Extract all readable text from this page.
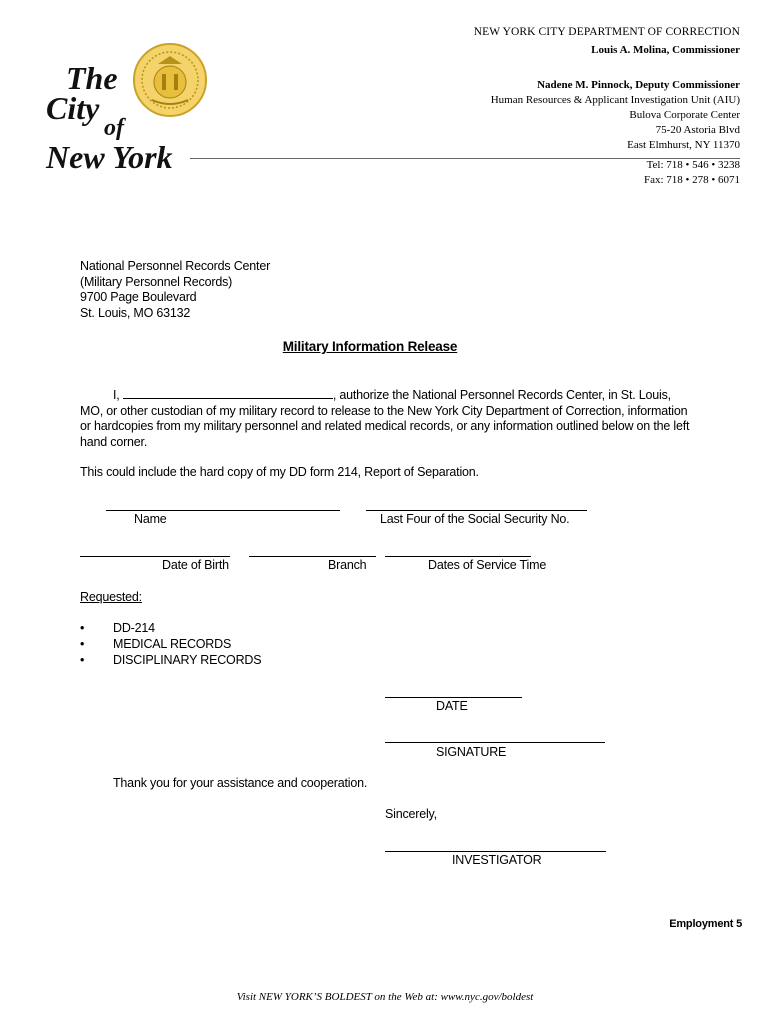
The
City
of
New York
NEW YORK CITY DEPARTMENT OF CORRECTION
Louis A. Molina, Commissioner
Nadene M. Pinnock, Deputy Commissioner
Human Resources & Applicant Investigation Unit (AIU)
Bulova Corporate Center
75-20 Astoria Blvd
East Elmhurst, NY 11370
Tel: 718 • 546 • 3238
Fax: 718 • 278 • 6071
National Personnel Records Center
(Military Personnel Records)
9700 Page Boulevard
St. Louis, MO 63132
Military Information Release
I,	, authorize the National Personnel Records Center, in St. Louis,
MO, or other custodian of my military record to release to the New York City Department of Correction, information
or hardcopies from my military personnel and related medical records, or any information outlined below on the left
hand corner.
This could include the hard copy of my DD form 214, Report of Separation.
Name	Last Four of the Social Security No.
Date of Birth	Branch	Dates of Service Time
Requested:
• DD-214
• MEDICAL RECORDS
• DISCIPLINARY RECORDS
DATE
SIGNATURE
Thank you for your assistance and cooperation.
Sincerely,
INVESTIGATOR
Employment 5
Visit NEW YORK’S BOLDEST on the Web at: www.nyc.gov/boldest
